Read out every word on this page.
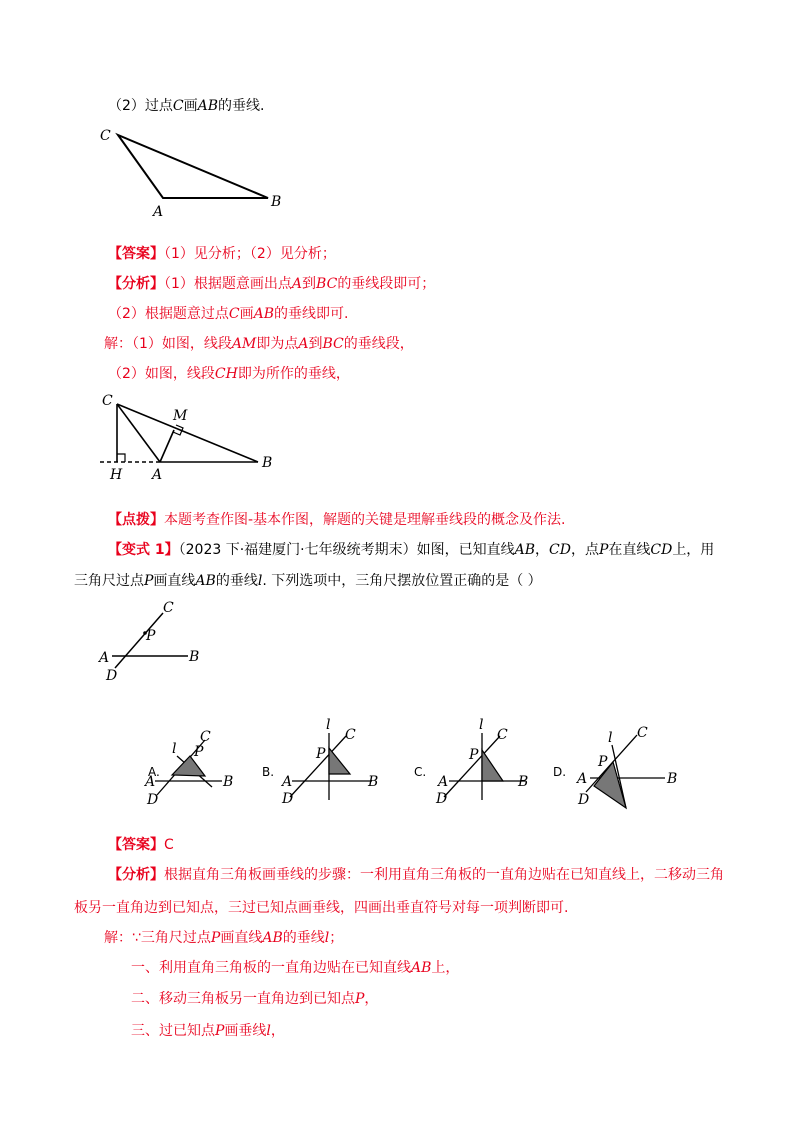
（2）过点C画AB的垂线.
C
A
B
【答案】（1）见分析；（2）见分析；
【分析】（1）根据题意画出点A到BC的垂线段即可；
（2）根据题意过点C画AB的垂线即可.
解：（1）如图，线段AM即为点A到BC的垂线段，
（2）如图，线段CH即为所作的垂线，
C
M
H A
B
【点拨】本题考查作图-基本作图，解题的关键是理解垂线段的概念及作法.
【变式 1】（2023 下·福建厦门·七年级统考期末）如图，已知直线AB，CD，点P在直线CD上，用
三角尺过点P画直线AB的垂线l. 下列选项中，三角尺摆放位置正确的是（ ）
C
P
A	B
D
A.
l
C
P
A	B
D
B.
l
C
P
A	B
D
C.
l
C
P
A	B
D
D.
l C
P
A	B
D
【答案】C
【分析】根据直角三角板画垂线的步骤：一利用直角三角板的一直角边贴在已知直线上，二移动三角
板另一直角边到已知点，三过已知点画垂线，四画出垂直符号对每一项判断即可.
解：∵三角尺过点P画直线AB的垂线l；
一、利用直角三角板的一直角边贴在已知直线AB上，
二、移动三角板另一直角边到已知点P，
三、过已知点P画垂线l，
